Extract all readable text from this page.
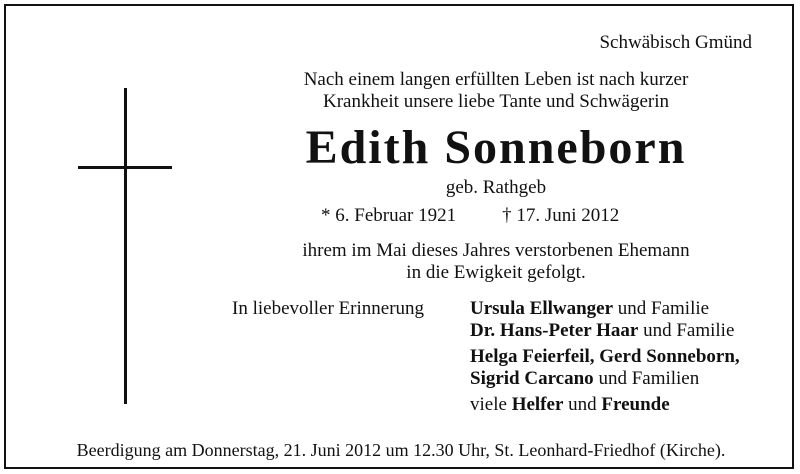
Schwäbisch Gmünd
Nach einem langen erfüllten Leben ist nach kurzer
Krankheit unsere liebe Tante und Schwägerin
Edith Sonneborn
geb. Rathgeb
* 6. Februar 1921 † 17. Juni 2012
ihrem im Mai dieses Jahres verstorbenen Ehemann
in die Ewigkeit gefolgt.
In liebevoller Erinnerung Ursula Ellwanger und Familie
Dr. Hans-Peter Haar und Familie
Helga Feierfeil, Gerd Sonneborn,
Sigrid Carcano und Familien
viele Helfer und Freunde
Beerdigung am Donnerstag, 21. Juni 2012 um 12.30 Uhr, St. Leonhard-Friedhof (Kirche).
